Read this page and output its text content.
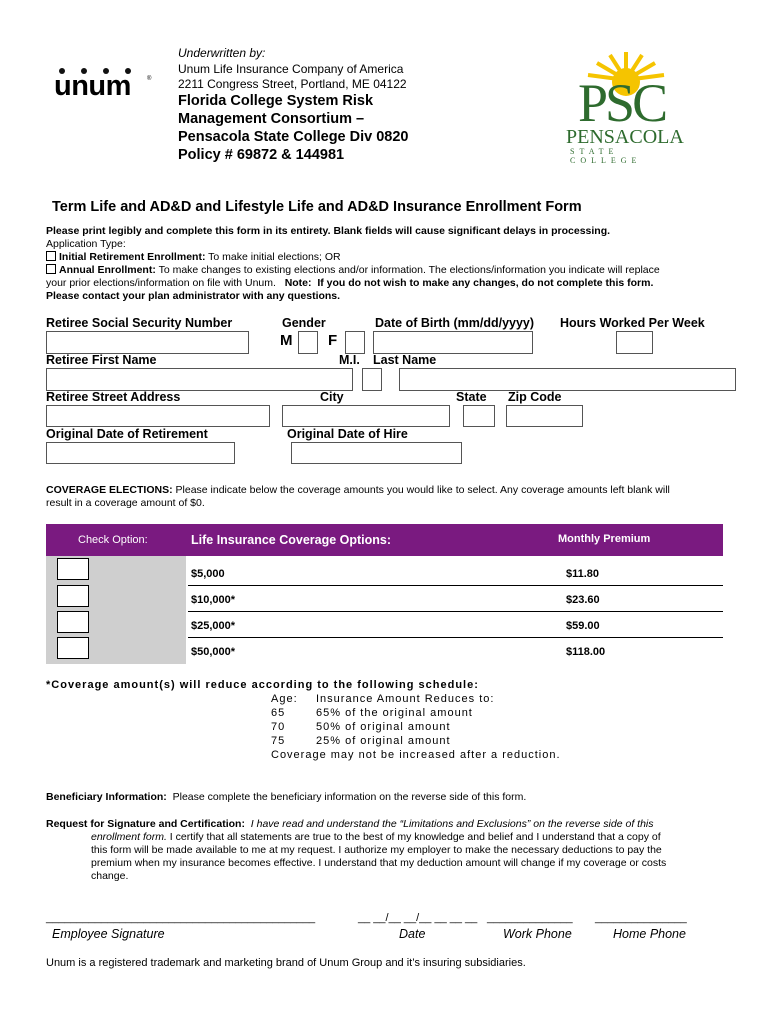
unum	®
Underwritten by:
Unum Life Insurance Company of America
2211 Congress Street, Portland, ME 04122
Florida College System Risk
Management Consortium –
Pensacola State College Div 0820
Policy # 69872 & 144981
PSC
PENSACOLA
STATE COLLEGE
Term Life and AD&D and Lifestyle Life and AD&D Insurance Enrollment Form
Please print legibly and complete this form in its entirety. Blank fields will cause significant delays in processing.
Application Type:
Initial Retirement Enrollment: To make initial elections; OR
Annual Enrollment: To make changes to existing elections and/or information. The elections/information you indicate will replace
your prior elections/information on file with Unum.   Note:  If you do not wish to make any changes, do not complete this form.
Please contact your plan administrator with any questions.
Retiree Social Security Number	Gender	Date of Birth (mm/dd/yyyy) Hours Worked Per Week
M F
Retiree First Name	M.I. Last Name
Retiree Street Address	City	State Zip Code
Original Date of Retirement	Original Date of Hire
COVERAGE ELECTIONS: Please indicate below the coverage amounts you would like to select. Any coverage amounts left blank will
result in a coverage amount of $0.
Check Option:	Life Insurance Coverage Options:	Monthly Premium
$5,000	$11.80
$10,000*	$23.60
$25,000*	$59.00
$50,000*	$118.00
*Coverage amount(s) will reduce according to the following schedule:
Age: Insurance Amount Reduces to:
65	65% of the original amount
70	50% of original amount
75	25% of original amount
Coverage may not be increased after a reduction.
Beneficiary Information:  Please complete the beneficiary information on the reverse side of this form.
Request for Signature and Certification:  I have read and understand the “Limitations and Exclusions” on the reverse side of this
enrollment form. I certify that all statements are true to the best of my knowledge and belief and I understand that a copy of
this form will be made available to me at my request. I authorize my employer to make the necessary deductions to pay the
premium when my insurance becomes effective. I understand that my deduction amount will change if my coverage or costs
change.
____________________________________________	__ __/__ __/__ __ __ __ ______________ _______________
Employee Signature	Date	Work Phone	Home Phone
Unum is a registered trademark and marketing brand of Unum Group and it’s insuring subsidiaries.
